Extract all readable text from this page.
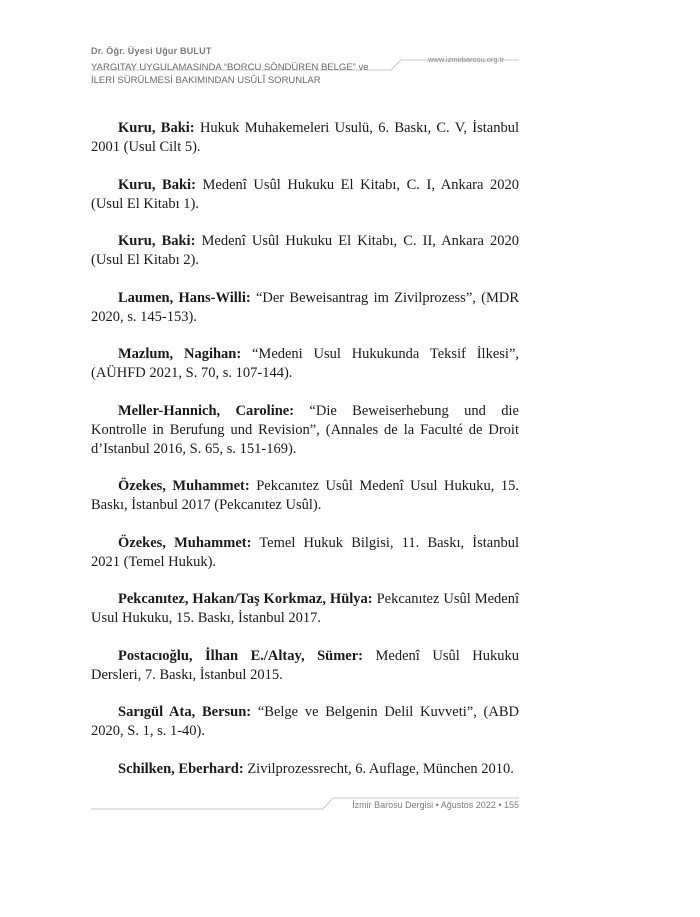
Dr. Öğr. Üyesi Uğur BULUT
www.izmirbarosu.org.tr
YARGITAY UYGULAMASINDA “BORCU SÖNDÜREN BELGE” ve
İLERİ SÜRÜLMESİ BAKIMINDAN USÛLÎ SORUNLAR

Kuru, Baki: Hukuk Muhakemeleri Usulü, 6. Baskı, C. V, İstanbul 2001 (Usul Cilt 5).

Kuru, Baki: Medenî Usûl Hukuku El Kitabı, C. I, Ankara 2020 (Usul El Kitabı 1).

Kuru, Baki: Medenî Usûl Hukuku El Kitabı, C. II, Ankara 2020 (Usul El Kitabı 2).

Laumen, Hans-Willi: “Der Beweisantrag im Zivilprozess”, (MDR 2020, s. 145-153).

Mazlum, Nagihan: “Medeni Usul Hukukunda Teksif İlkesi”, (AÜHFD 2021, S. 70, s. 107-144).

Meller-Hannich, Caroline: “Die Beweiserhebung und die Kontrolle in Berufung und Revision”, (Annales de la Faculté de Droit d’Istanbul 2016, S. 65, s. 151-169).

Özekes, Muhammet: Pekcanıtez Usûl Medenî Usul Hukuku, 15. Baskı, İstanbul 2017 (Pekcanıtez Usûl).

Özekes, Muhammet: Temel Hukuk Bilgisi, 11. Baskı, İstanbul 2021 (Temel Hukuk).

Pekcanıtez, Hakan/Taş Korkmaz, Hülya: Pekcanıtez Usûl Medenî Usul Hukuku, 15. Baskı, İstanbul 2017.

Postacıoğlu, İlhan E./Altay, Sümer: Medenî Usûl Hukuku Dersleri, 7. Baskı, İstanbul 2015.

Sarıgül Ata, Bersun: “Belge ve Belgenin Delil Kuvveti”, (ABD 2020, S. 1, s. 1-40).

Schilken, Eberhard: Zivilprozessrecht, 6. Auflage, München 2010.

İzmir Barosu Dergisi • Ağustos 2022 • 155
